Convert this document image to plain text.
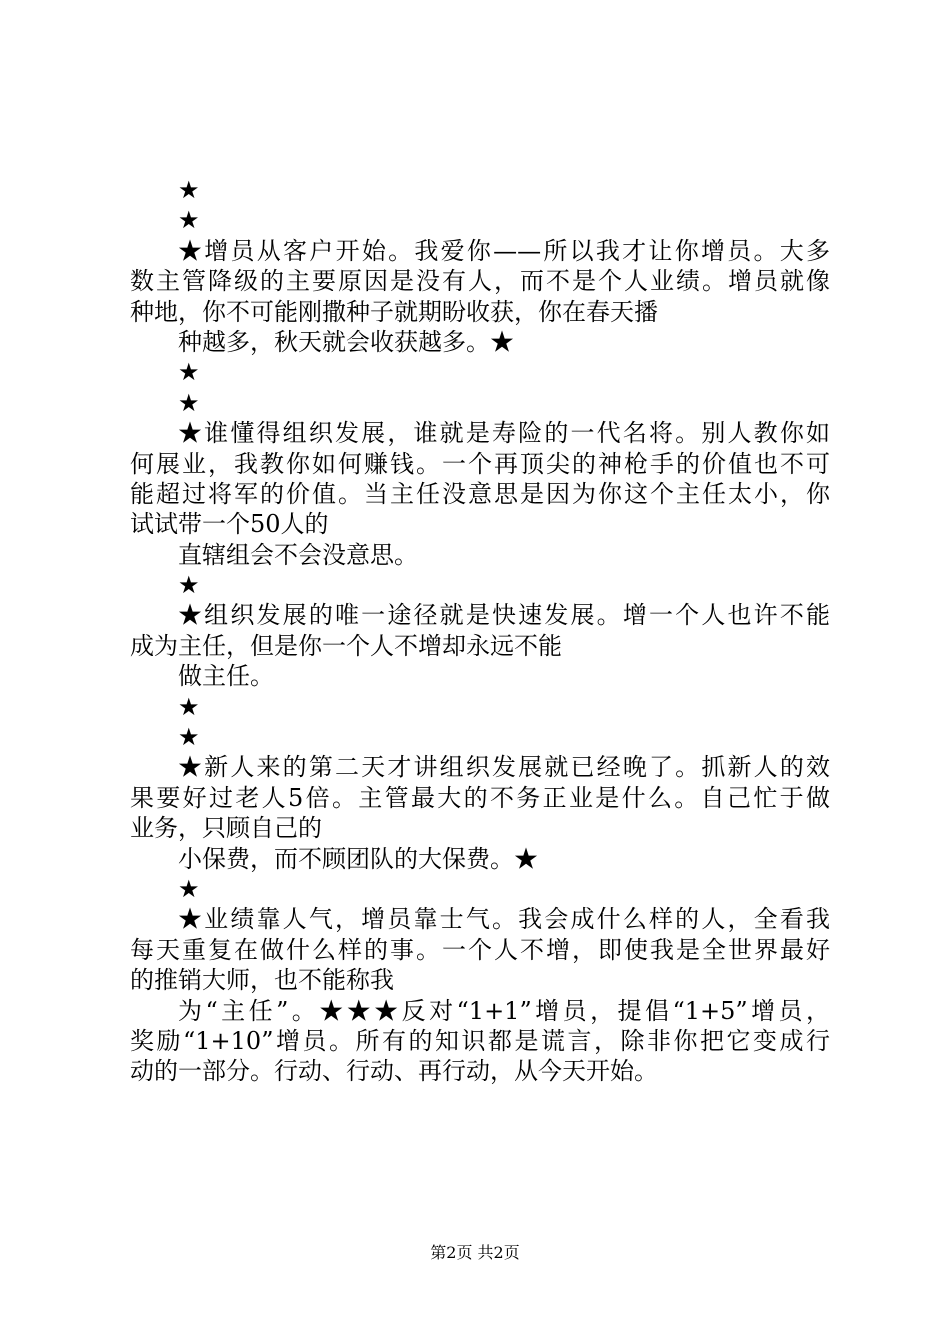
★
★
★增员从客户开始。我爱你——所以我才让你增员。大多
数主管降级的主要原因是没有人，而不是个人业绩。增员就像
种地，你不可能刚撒种子就期盼收获，你在春天播
种越多，秋天就会收获越多。★
★
★
★谁懂得组织发展，谁就是寿险的一代名将。别人教你如
何展业，我教你如何赚钱。一个再顶尖的神枪手的价值也不可
能超过将军的价值。当主任没意思是因为你这个主任太小，你
试试带一个50人的
直辖组会不会没意思。
★
★组织发展的唯一途径就是快速发展。增一个人也许不能
成为主任，但是你一个人不增却永远不能
做主任。
★
★
★新人来的第二天才讲组织发展就已经晚了。抓新人的效
果要好过老人5倍。主管最大的不务正业是什么。自己忙于做
业务，只顾自己的
小保费，而不顾团队的大保费。★
★
★业绩靠人气，增员靠士气。我会成什么样的人，全看我
每天重复在做什么样的事。一个人不增，即使我是全世界最好
的推销大师，也不能称我
为“主任”。★★★反对“1+1”增员，提倡“1+5”增员，
奖励“1+10”增员。所有的知识都是谎言，除非你把它变成行
动的一部分。行动、行动、再行动，从今天开始。
第2页 共2页
